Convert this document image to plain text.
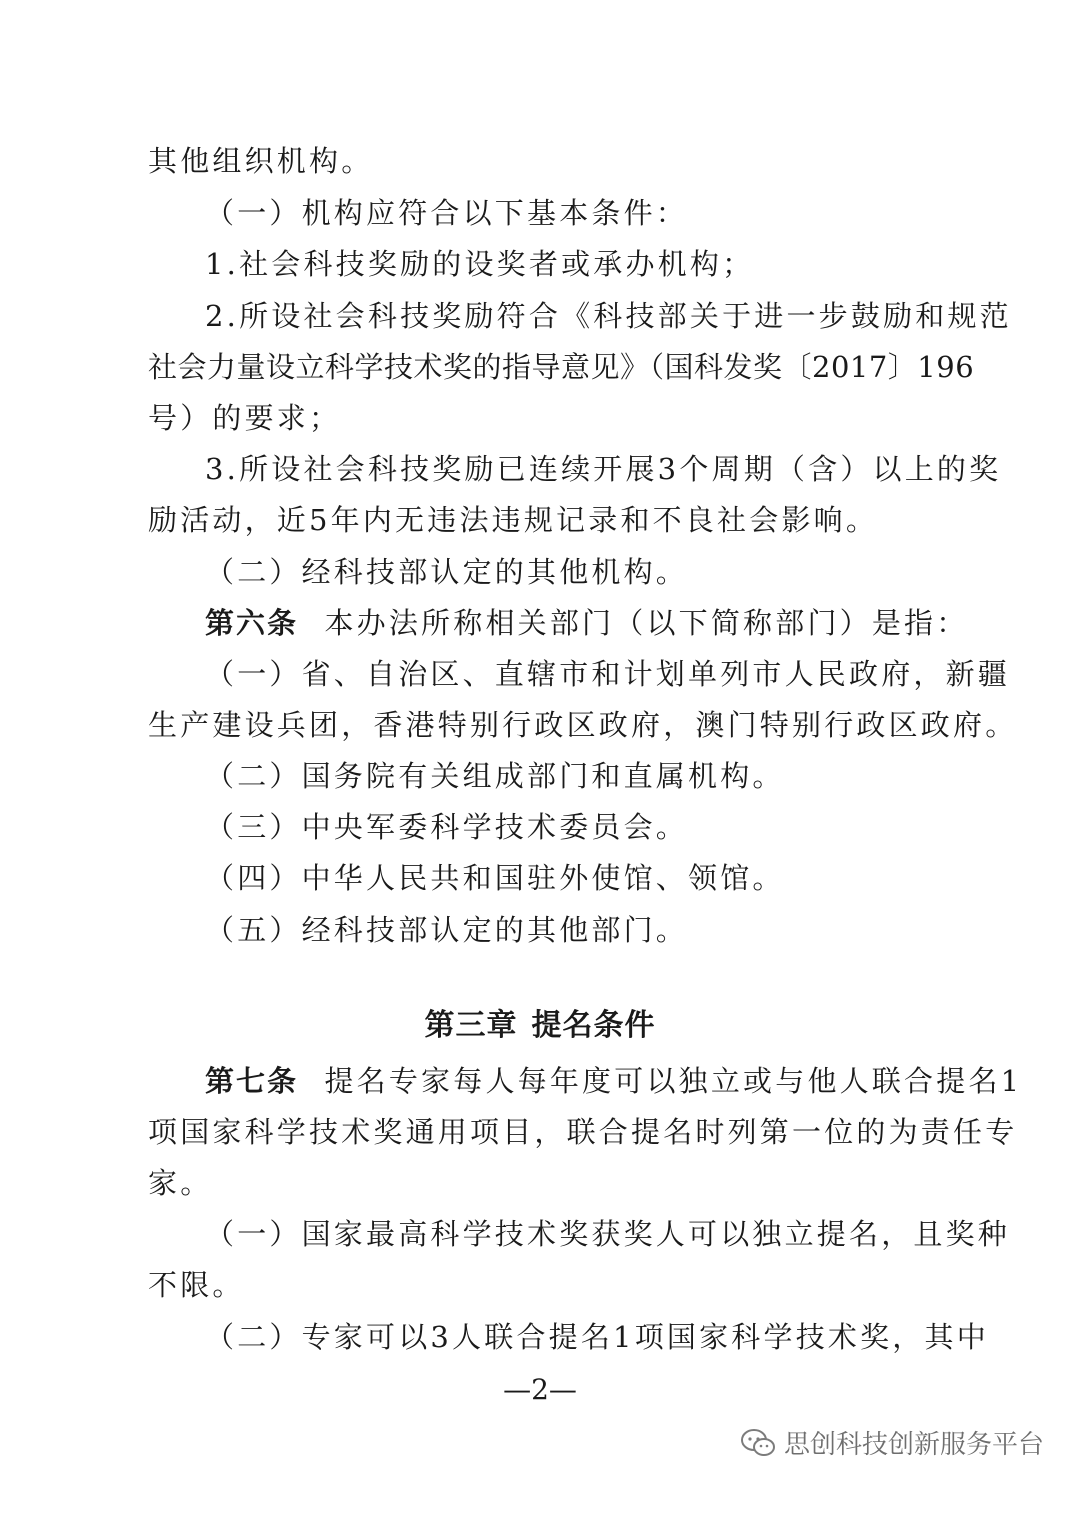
其他组织机构。
（一）机构应符合以下基本条件：
1.社会科技奖励的设奖者或承办机构；
2.所设社会科技奖励符合《科技部关于进一步鼓励和规范
社会力量设立科学技术奖的指导意见》（国科发奖〔2017〕196
号）的要求；
3.所设社会科技奖励已连续开展3个周期（含）以上的奖
励活动，近5年内无违法违规记录和不良社会影响。
（二）经科技部认定的其他机构。
第六条 本办法所称相关部门（以下简称部门）是指：
（一）省、自治区、直辖市和计划单列市人民政府，新疆
生产建设兵团，香港特别行政区政府，澳门特别行政区政府。
（二）国务院有关组成部门和直属机构。
（三）中央军委科学技术委员会。
（四）中华人民共和国驻外使馆、领馆。
（五）经科技部认定的其他部门。
第三章 提名条件
第七条 提名专家每人每年度可以独立或与他人联合提名1
项国家科学技术奖通用项目，联合提名时列第一位的为责任专
家。
（一）国家最高科学技术奖获奖人可以独立提名，且奖种
不限。
（二）专家可以3人联合提名1项国家科学技术奖，其中
—2—
思创科技创新服务平台
